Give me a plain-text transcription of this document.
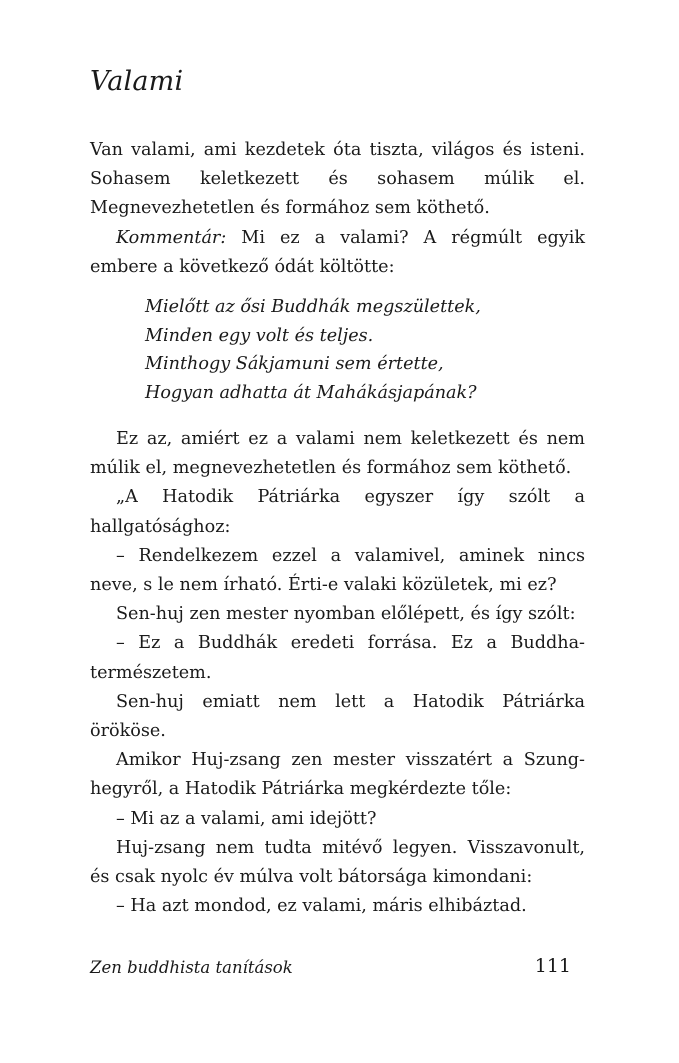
Valami

Van valami, ami kezdetek óta tiszta, világos és isteni. Sohasem keletkezett és sohasem múlik el. Megnevezhetetlen és formához sem köthető.

Kommentár: Mi ez a valami? A régmúlt egyik embere a következő ódát költötte:

Mielőtt az ősi Buddhák megszülettek,
Minden egy volt és teljes.
Minthogy Sákjamuni sem értette,
Hogyan adhatta át Mahákásjapának?

Ez az, amiért ez a valami nem keletkezett és nem múlik el, megnevezhetetlen és formához sem köthető.

„A Hatodik Pátriárka egyszer így szólt a hallgatósághoz:

– Rendelkezem ezzel a valamivel, aminek nincs neve, s le nem írható. Érti-e valaki közületek, mi ez?

Sen-huj zen mester nyomban előlépett, és így szólt:

– Ez a Buddhák eredeti forrása. Ez a Buddha-természetem.

Sen-huj emiatt nem lett a Hatodik Pátriárka örököse.

Amikor Huj-zsang zen mester visszatért a Szung-hegyről, a Hatodik Pátriárka megkérdezte tőle:

– Mi az a valami, ami idejött?

Huj-zsang nem tudta mitévő legyen. Visszavonult, és csak nyolc év múlva volt bátorsága kimondani:

– Ha azt mondod, ez valami, máris elhibáztad.

Zen buddhista tanítások	111
